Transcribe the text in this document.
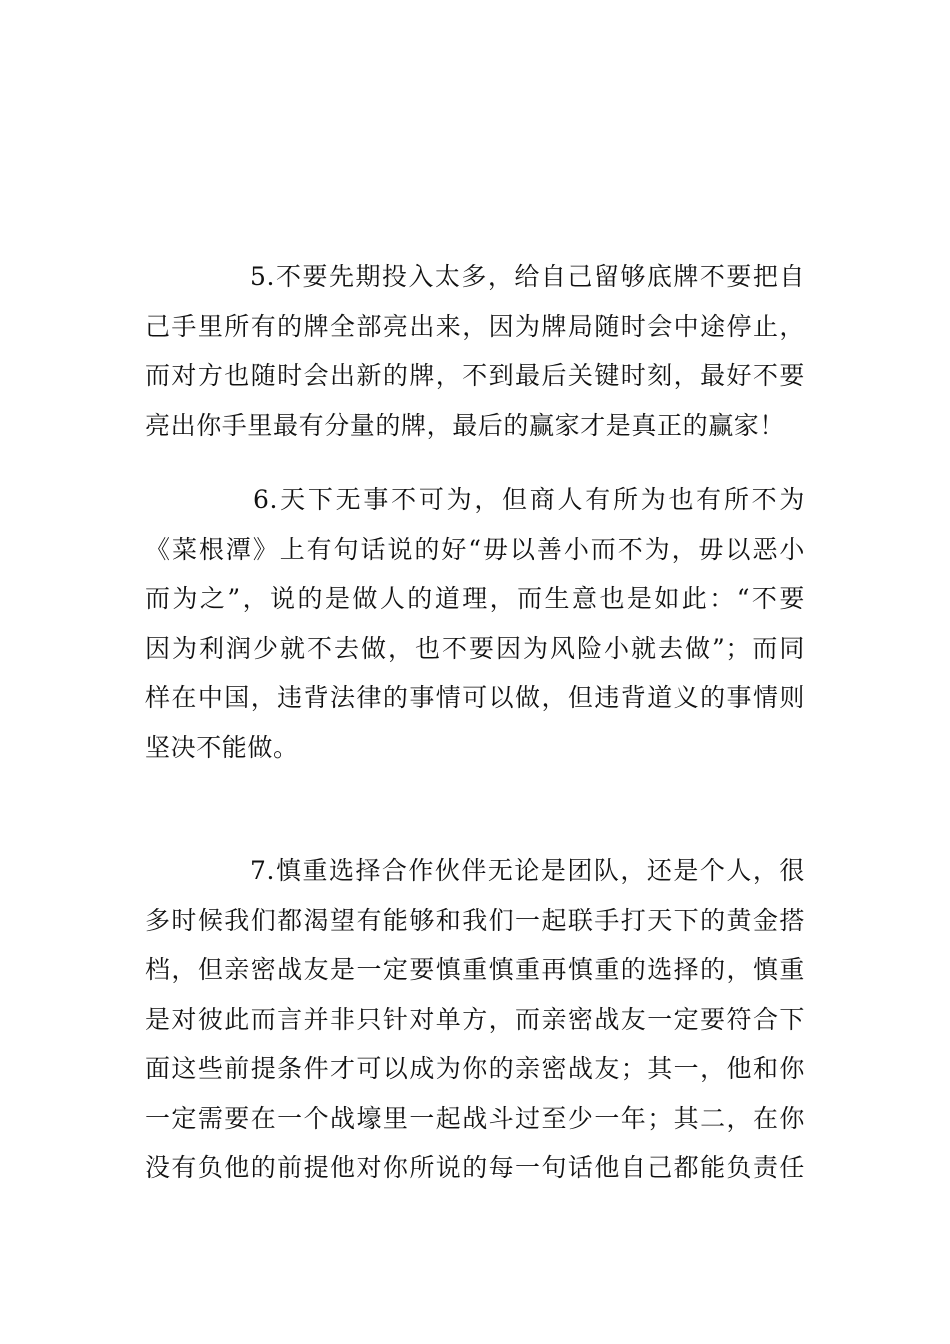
5.不要先期投入太多，给自己留够底牌不要把自
己手里所有的牌全部亮出来，因为牌局随时会中途停止，
而对方也随时会出新的牌，不到最后关键时刻，最好不要
亮出你手里最有分量的牌，最后的赢家才是真正的赢家！
6.天下无事不可为，但商人有所为也有所不为
《菜根潭》上有句话说的好“毋以善小而不为，毋以恶小
而为之”，说的是做人的道理，而生意也是如此：“不要
因为利润少就不去做，也不要因为风险小就去做”；而同
样在中国，违背法律的事情可以做，但违背道义的事情则
坚决不能做。
7.慎重选择合作伙伴无论是团队，还是个人，很
多时候我们都渴望有能够和我们一起联手打天下的黄金搭
档，但亲密战友是一定要慎重慎重再慎重的选择的，慎重
是对彼此而言并非只针对单方，而亲密战友一定要符合下
面这些前提条件才可以成为你的亲密战友；其一，他和你
一定需要在一个战壕里一起战斗过至少一年；其二，在你
没有负他的前提他对你所说的每一句话他自己都能负责任
